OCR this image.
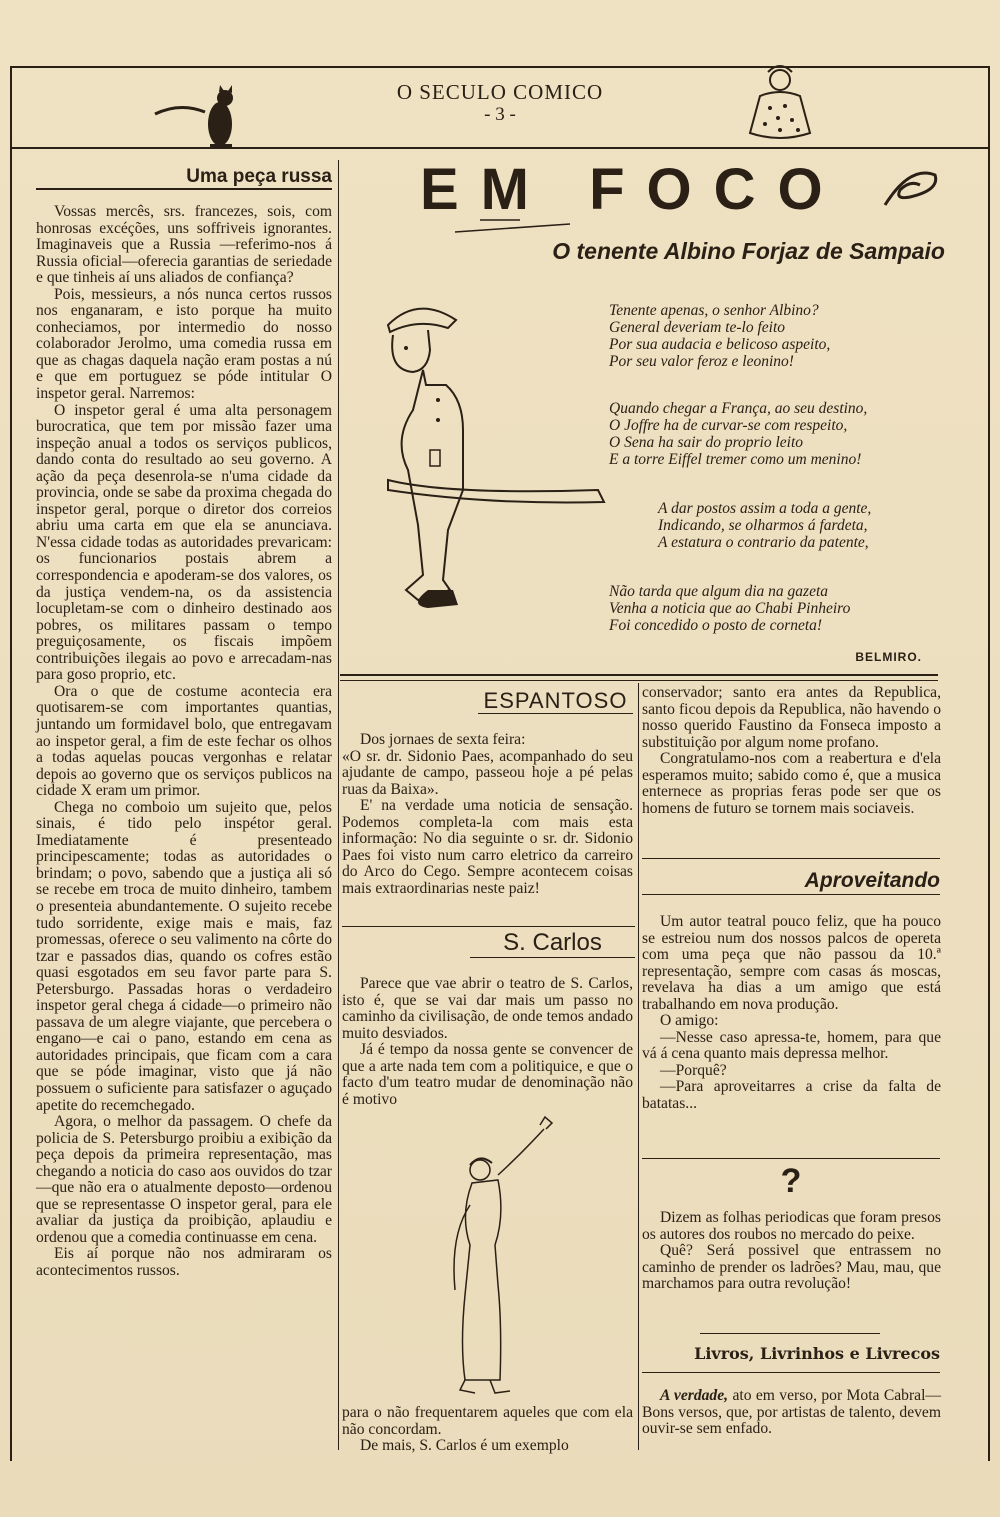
O SECULO COMICO
- 3 -
Uma peça russa

Vossas mercês, srs. francezes, sois, com honrosas excéções, uns soffriveis ignorantes. Imaginaveis que a Russia —referimo-nos á Russia oficial—oferecia garantias de seriedade e que tinheis aí uns aliados de confiança?

Pois, messieurs, a nós nunca certos russos nos enganaram, e isto porque ha muito conheciamos, por intermedio do nosso colaborador Jerolmo, uma comedia russa em que as chagas daquela nação eram postas a nú e que em portuguez se póde intitular O inspetor geral. Narremos:

O inspetor geral é uma alta personagem burocratica, que tem por missão fazer uma inspeção anual a todos os serviços publicos, dando conta do resultado ao seu governo. A ação da peça desenrola-se n'uma cidade da provincia, onde se sabe da proxima chegada do inspetor geral, porque o diretor dos correios abriu uma carta em que ela se anunciava. N'essa cidade todas as autoridades prevaricam: os funcionarios postais abrem a correspondencia e apoderam-se dos valores, os da justiça vendem-na, os da assistencia locupletam-se com o dinheiro destinado aos pobres, os militares passam o tempo preguiçosamente, os fiscais impõem contribuições ilegais ao povo e arrecadam-nas para goso proprio, etc.

Ora o que de costume acontecia era quotisarem-se com importantes quantias, juntando um formidavel bolo, que entregavam ao inspetor geral, a fim de este fechar os olhos a todas aquelas poucas vergonhas e relatar depois ao governo que os serviços publicos na cidade X eram um primor.

Chega no comboio um sujeito que, pelos sinais, é tido pelo inspétor geral. Imediatamente é presenteado principescamente; todas as autoridades o brindam; o povo, sabendo que a justiça ali só se recebe em troca de muito dinheiro, tambem o presenteia abundantemente. O sujeito recebe tudo sorridente, exige mais e mais, faz promessas, oferece o seu valimento na côrte do tzar e passados dias, quando os cofres estão quasi esgotados em seu favor parte para S. Petersburgo. Passadas horas o verdadeiro inspetor geral chega á cidade—o primeiro não passava de um alegre viajante, que percebera o engano—e cai o pano, estando em cena as autoridades principais, que ficam com a cara que se póde imaginar, visto que já não possuem o suficiente para satisfazer o aguçado apetite do recemchegado.

Agora, o melhor da passagem. O chefe da policia de S. Petersburgo proibiu a exibição da peça depois da primeira representação, mas chegando a noticia do caso aos ouvidos do tzar—que não era o atualmente deposto—ordenou que se representasse O inspetor geral, para ele avaliar da justiça da proibição, aplaudiu e ordenou que a comedia continuasse em cena.

Eis aí porque não nos admiraram os acontecimentos russos.

EM FOCO
O tenente Albino Forjaz de Sampaio
Tenente apenas, o senhor Albino?
General deveriam te-lo feito
Por sua audacia e belicoso aspeito,
Por seu valor feroz e leonino!
Quando chegar a França, ao seu destino,
O Joffre ha de curvar-se com respeito,
O Sena ha sair do proprio leito
E a torre Eiffel tremer como um menino!
A dar postos assim a toda a gente,
Indicando, se olharmos á fardeta,
A estatura o contrario da patente,
Não tarda que algum dia na gazeta
Venha a noticia que ao Chabi Pinheiro
Foi concedido o posto de corneta!
BELMIRO.
ESPANTOSO

Dos jornaes de sexta feira:

«O sr. dr. Sidonio Paes, acompanhado do seu ajudante de campo, passeou hoje a pé pelas ruas da Baixa».

E' na verdade uma noticia de sensação. Podemos completa-la com mais esta informação: No dia seguinte o sr. dr. Sidonio Paes foi visto num carro eletrico da carreiro do Arco do Cego. Sempre acontecem coisas mais extraordinarias neste paiz!

S. Carlos

Parece que vae abrir o teatro de S. Carlos, isto é, que se vai dar mais um passo no caminho da civilisação, de onde temos andado muito desviados.

Já é tempo da nossa gente se convencer de que a arte nada tem com a politiquice, e que o facto d'um teatro mudar de denominação não é motivo

para o não frequentarem aqueles que com ela não concordam.

De mais, S. Carlos é um exemplo

conservador; santo era antes da Republica, santo ficou depois da Republica, não havendo o nosso querido Faustino da Fonseca imposto a substituição por algum nome profano.

Congratulamo-nos com a reabertura e d'ela esperamos muito; sabido como é, que a musica enternece as proprias feras pode ser que os homens de futuro se tornem mais sociaveis.

Aproveitando

Um autor teatral pouco feliz, que ha pouco se estreiou num dos nossos palcos de opereta com uma peça que não passou da 10.ª representação, sempre com casas ás moscas, revelava ha dias a um amigo que está trabalhando em nova produção.

O amigo:

—Nesse caso apressa-te, homem, para que vá á cena quanto mais depressa melhor.

—Porquê?

—Para aproveitarres a crise da falta de batatas...

?

Dizem as folhas periodicas que foram presos os autores dos roubos no mercado do peixe.

Quê? Será possivel que entrassem no caminho de prender os ladrões? Mau, mau, que marchamos para outra revolução!

Livros, Livrinhos e Livrecos

A verdade, ato em verso, por Mota Cabral—Bons versos, que, por artistas de talento, devem ouvir-se sem enfado.
